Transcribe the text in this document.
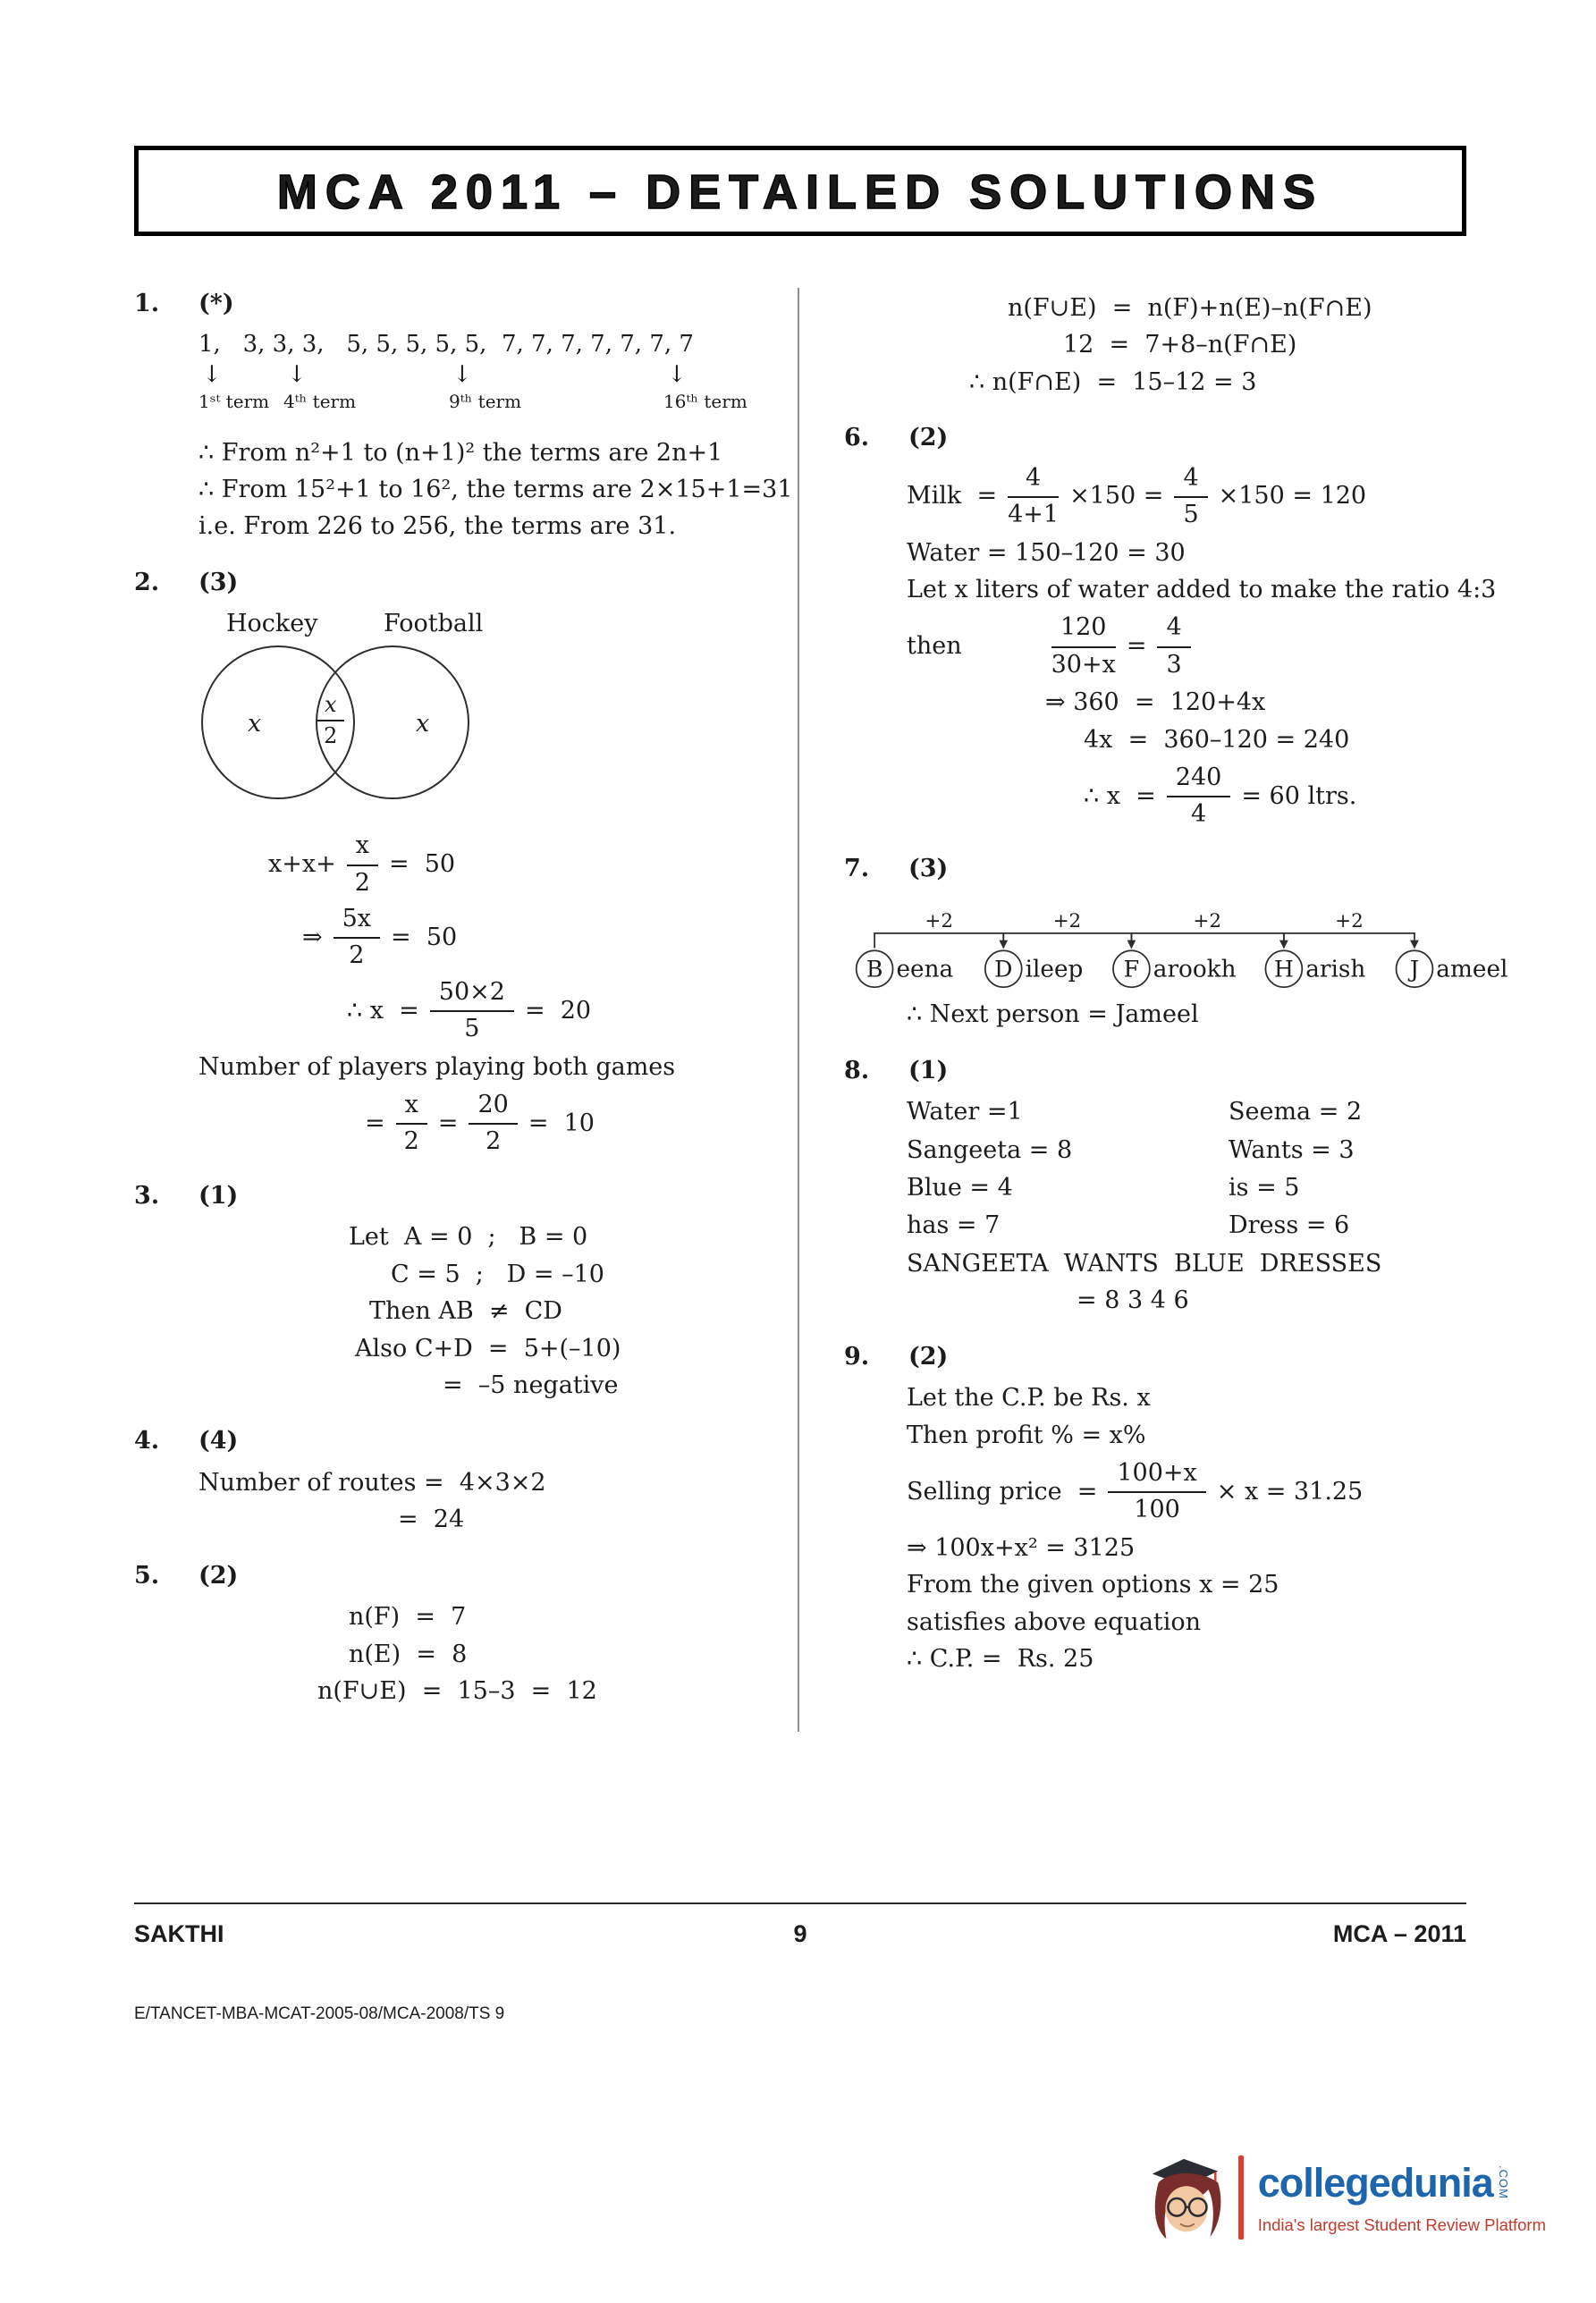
MCA 2011 – DETAILED SOLUTIONS
1.	(*)
1,   3, 3, 3,   5, 5, 5, 5, 5,  7, 7, 7, 7, 7, 7, 7
↓
1ˢᵗ term
↓
4ᵗʰ term
↓
9ᵗʰ term
↓
16ᵗʰ term
∴ From n²+1 to (n+1)² the terms are 2n+1
∴ From 15²+1 to 16², the terms are 2×15+1=31
i.e. From 226 to 256, the terms are 31.
2.	(3)
Hockey	Football
x	$\frac{x}{2}$	x
$x+x+ \frac{x}{2} = 50$
⇒ $\frac{5x}{2} = 50$
∴ $x = \frac{50\times 2}{5} = 20$
Number of players playing both games
= $\frac{x}{2} = \frac{20}{2} = 10$
3.	(1)
Let  A = 0  ;   B = 0
C = 5  ;   D = –10
Then AB  ≠  CD
Also C+D  =  5+(–10)
=  –5 negative
4.	(4)
Number of routes =  4×3×2
=  24
5.	(2)
n(F)  =  7
n(E)  =  8
n(F∪E)  =  15–3  =  12
n(F∪E)  =  n(F)+n(E)–n(F∩E)
12  =  7+8–n(F∩E)
∴ n(F∩E)  =  15–12 = 3
6.	(2)
Milk  = $\frac{4}{4+1} \times 150 = \frac{4}{5} \times 150 = 120$
Water = 150–120 = 30
Let x liters of water added to make the ratio 4:3
then	$\frac{120}{30+x} = \frac{4}{3}$
⇒ 360  =  120+4x
4x  =  360–120 = 240
∴ $x = \frac{240}{4} = 60$ ltrs.
7.	(3)
+2	+2	+2	+2
B eena D ileep F arookh H arish J ameel
∴ Next person = Jameel
8.	(1)
Water =1	Seema = 2
Sangeeta = 8	Wants = 3
Blue = 4	is = 5
has = 7	Dress = 6
SANGEETA  WANTS  BLUE  DRESSES
= 8 3 4 6
9.	(2)
Let the C.P. be Rs. x
Then profit % = x%
Selling price  = $\frac{100+x}{100} \times x = 31.25$
⇒ 100x+x² = 3125
From the given options x = 25
satisfies above equation
∴ C.P. =  Rs. 25
SAKTHI	9	MCA – 2011
E/TANCET-MBA-MCAT-2005-08/MCA-2008/TS 9
collegedunia .COM
India's largest Student Review Platform
